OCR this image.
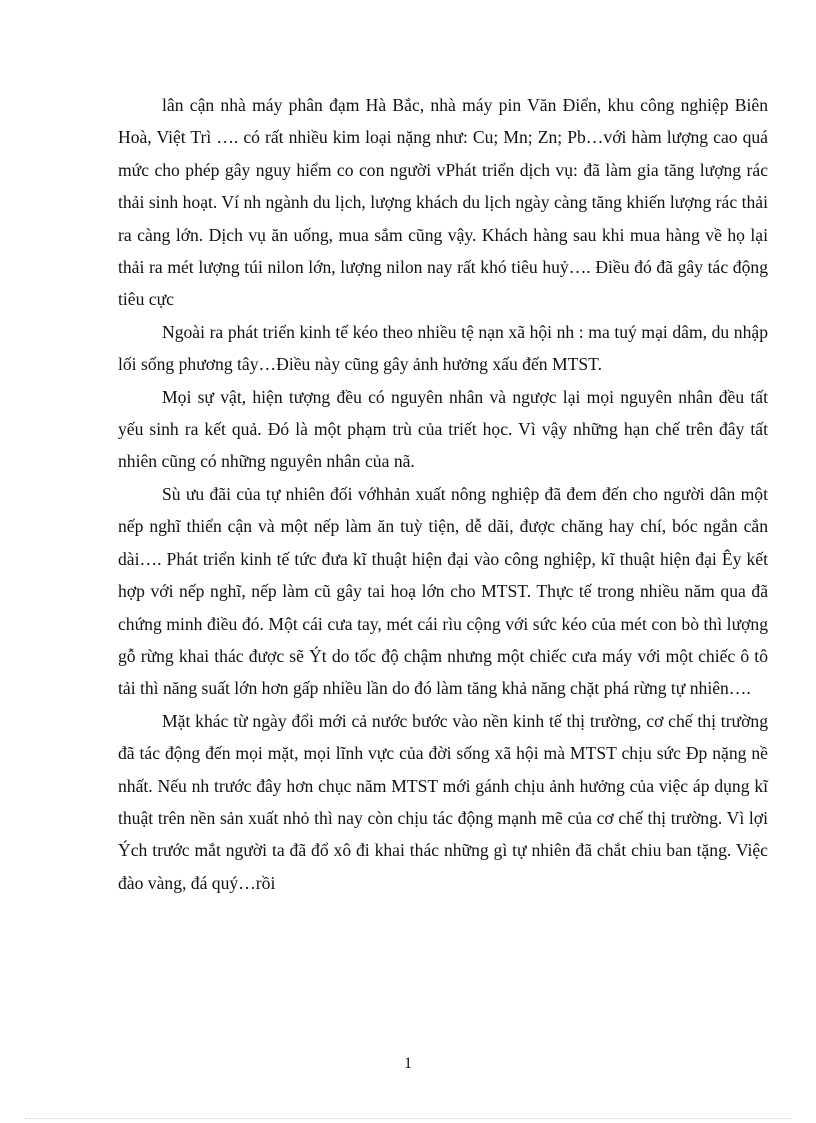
lân cận nhà máy phân đạm Hà Bắc, nhà máy pin Văn Điển, khu công nghiệp Biên Hoà, Việt Trì …. có rất nhiều kim loại nặng như: Cu; Mn; Zn; Pb…với hàm lượng cao quá mức cho phép gây nguy hiểm co con người vPhát triển dịch vụ: đã làm gia tăng lượng rác thải sinh hoạt. Ví nh ngành du lịch, lượng khách du lịch ngày càng tăng khiến lượng rác thải ra càng lớn. Dịch vụ ăn uống, mua sắm cũng vậy. Khách hàng sau khi mua hàng về họ lại thải ra mét lượng túi nilon lớn, lượng nilon nay rất khó tiêu huỷ…. Điều đó đã gây tác động tiêu cực

Ngoài ra phát triển kinh tế kéo theo nhiều tệ nạn xã hội nh : ma tuý mại dâm, du nhập lối sống phương tây…Điều này cũng gây ảnh hưởng xấu đến MTST.

Mọi sự vật, hiện tượng đều có nguyên nhân và ngược lại mọi nguyên nhân đều tất yếu sinh ra kết quả. Đó là một phạm trù của triết học. Vì vậy những hạn chế trên đây tất nhiên cũng có những nguyên nhân của nã.

Sù ưu đãi của tự nhiên đối vớhhản xuất nông nghiệp đã đem đến cho người dân một nếp nghĩ thiển cận và một nếp làm ăn tuỳ tiện, dễ dãi, được chăng hay chí, bóc ngắn cắn dài…. Phát triển kinh tế tức đưa kĩ thuật hiện đại vào công nghiệp, kĩ thuật hiện đại Êy kết hợp với nếp nghĩ, nếp làm cũ gây tai hoạ lớn cho MTST. Thực tế trong nhiều năm qua đã chứng minh điều đó. Một cái cưa tay, mét cái rìu cộng với sức kéo của mét con bò thì lượng gỗ rừng khai thác được sẽ Ýt do tốc độ chậm nhưng một chiếc cưa máy với một chiếc ô tô tải thì năng suất lớn hơn gấp nhiều lần do đó làm tăng khả năng chặt phá rừng tự nhiên….

Mặt khác từ ngày đổi mới cả nước bước vào nền kinh tế thị trường, cơ chế thị trường đã tác động đến mọi mặt, mọi lĩnh vực của đời sống xã hội mà MTST chịu sức Ðp nặng nề nhất. Nếu nh trước đây hơn chục năm MTST mới gánh chịu ảnh hưởng của việc áp dụng kĩ thuật trên nền sản xuất nhỏ thì nay còn chịu tác động mạnh mẽ của cơ chế thị trường. Vì lợi Ých trước mắt người ta đã đổ xô đi khai thác những gì tự nhiên đã chắt chiu ban tặng. Việc đào vàng, đá quý…rồi

1
